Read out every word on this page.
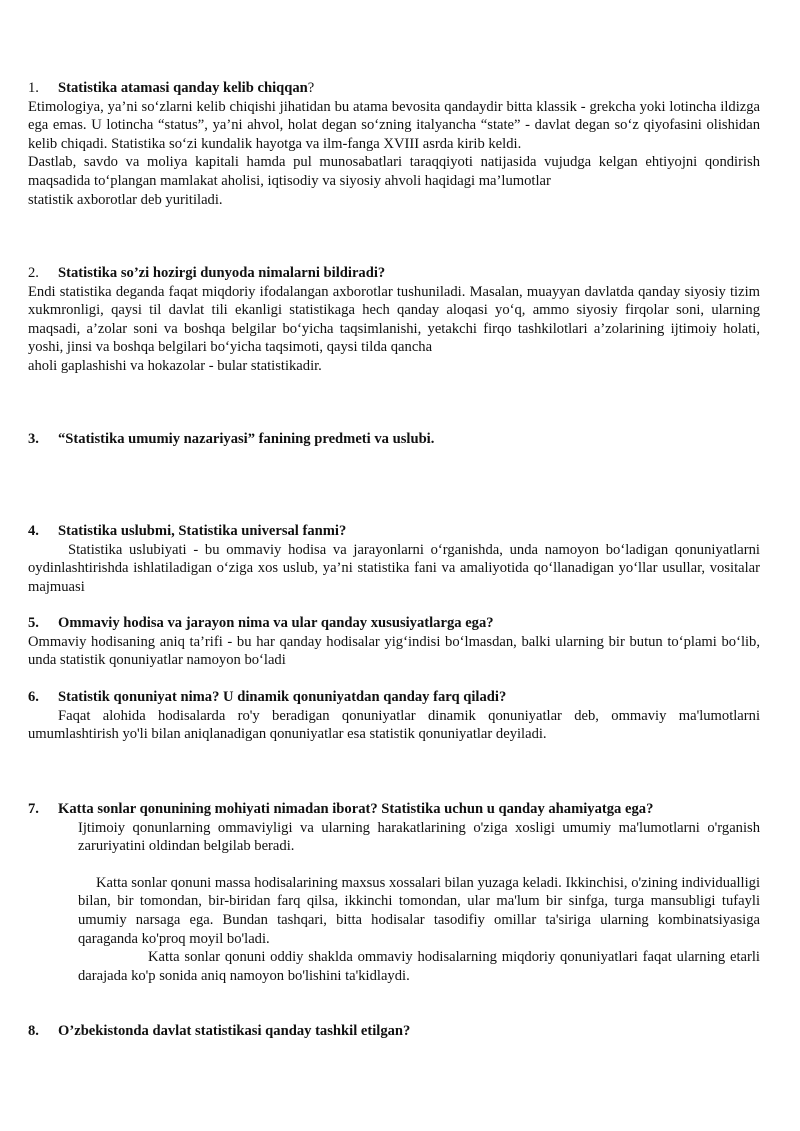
1. Statistika atamasi qanday kelib chiqqan?

Etimologiya, ya’ni so‘zlarni kelib chiqishi jihatidan bu atama bevosita qandaydir bitta klassik - grekcha yoki lotincha ildizga ega emas. U lotincha “status”, ya’ni ahvol, holat degan so‘zning italyancha “state” - davlat degan so‘z qiyofasini olishidan kelib chiqadi. Statistika so‘zi kundalik hayotga va ilm-fanga XVIII asrda kirib keldi.

Dastlab, savdo va moliya kapitali hamda pul munosabatlari taraqqiyoti natijasida vujudga kelgan ehtiyojni qondirish maqsadida to‘plangan mamlakat aholisi, iqtisodiy va siyosiy ahvoli haqidagi ma’lumotlar

statistik axborotlar deb yuritiladi.

2. Statistika so’zi hozirgi dunyoda nimalarni bildiradi?

Endi statistika deganda faqat miqdoriy ifodalangan axborotlar tushuniladi. Masalan, muayyan davlatda qanday siyosiy tizim xukmronligi, qaysi til davlat tili ekanligi statistikaga hech qanday aloqasi yo‘q, ammo siyosiy firqolar soni, ularning maqsadi, a’zolar soni va boshqa belgilar bo‘yicha taqsimlanishi, yetakchi firqo tashkilotlari a’zolarining ijtimoiy holati, yoshi, jinsi va boshqa belgilari bo‘yicha taqsimoti, qaysi tilda qancha

aholi gaplashishi va hokazolar - bular statistikadir.

3. “Statistika umumiy nazariyasi” fanining predmeti va uslubi.

4. Statistika uslubmi, Statistika universal fanmi?

Statistika uslubiyati - bu ommaviy hodisa va jarayonlarni o‘rganishda, unda namoyon bo‘ladigan qonuniyatlarni oydinlashtirishda ishlatiladigan o‘ziga xos uslub, ya’ni statistika fani va amaliyotida qo‘llanadigan yo‘llar usullar, vositalar majmuasi

5. Ommaviy hodisa va jarayon nima va ular qanday xususiyatlarga ega?

Ommaviy hodisaning aniq ta’rifi - bu har qanday hodisalar yig‘indisi bo‘lmasdan, balki ularning bir butun to‘plami bo‘lib, unda statistik qonuniyatlar namoyon bo‘ladi

6. Statistik qonuniyat nima? U dinamik qonuniyatdan qanday farq qiladi?

Faqat alohida hodisalarda ro'y beradigan qonuniyatlar dinamik qonuniyatlar deb, ommaviy ma'lumotlarni umumlashtirish yo'li bilan aniqlanadigan qonuniyatlar esa statistik qonuniyatlar deyiladi.

7. Katta sonlar qonunining mohiyati nimadan iborat? Statistika uchun u qanday ahamiyatga ega?

Ijtimoiy qonunlarning ommaviyligi va ularning harakatlarining o'ziga xosligi umumiy ma'lumotlarni o'rganish zaruriyatini oldindan belgilab beradi.

Katta sonlar qonuni massa hodisalarining maxsus xossalari bilan yuzaga keladi. Ikkinchisi, o'zining individualligi bilan, bir tomondan, bir-biridan farq qilsa, ikkinchi tomondan, ular ma'lum bir sinfga, turga mansubligi tufayli umumiy narsaga ega. Bundan tashqari, bitta hodisalar tasodifiy omillar ta'siriga ularning kombinatsiyasiga qaraganda ko'proq moyil bo'ladi.

Katta sonlar qonuni oddiy shaklda ommaviy hodisalarning miqdoriy qonuniyatlari faqat ularning etarli darajada ko'p sonida aniq namoyon bo'lishini ta'kidlaydi.

8. O’zbekistonda davlat statistikasi qanday tashkil etilgan?
